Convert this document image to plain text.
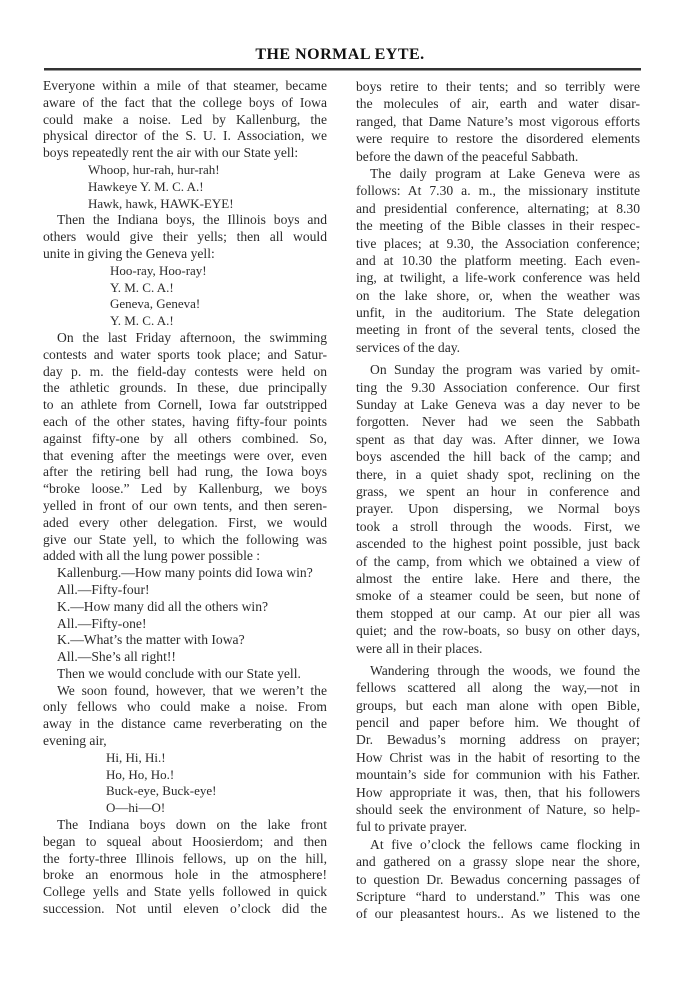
THE NORMAL EYTE.
Everyone within a mile of that steamer, became
aware of the fact that the college boys of Iowa
could make a noise. Led by Kallenburg, the
physical director of the S. U. I. Association, we
boys repeatedly rent the air with our State yell:
Whoop, hur-rah, hur-rah!
Hawkeye Y. M. C. A.!
Hawk, hawk, HAWK-EYE!
Then the Indiana boys, the Illinois boys and
others would give their yells; then all would
unite in giving the Geneva yell:
Hoo-ray, Hoo-ray!
Y. M. C. A.!
Geneva, Geneva!
Y. M. C. A.!
On the last Friday afternoon, the swimming
contests and water sports took place; and Satur-
day p. m. the field-day contests were held on
the athletic grounds. In these, due principally
to an athlete from Cornell, Iowa far outstripped
each of the other states, having fifty-four points
against fifty-one by all others combined. So,
that evening after the meetings were over, even
after the retiring bell had rung, the Iowa boys
“broke loose.” Led by Kallenburg, we boys
yelled in front of our own tents, and then seren-
aded every other delegation. First, we would
give our State yell, to which the following was
added with all the lung power possible :
Kallenburg.—How many points did Iowa win?
All.—Fifty-four!
K.—How many did all the others win?
All.—Fifty-one!
K.—What’s the matter with Iowa?
All.—She’s all right!!
Then we would conclude with our State yell.
We soon found, however, that we weren’t the
only fellows who could make a noise. From
away in the distance came reverberating on the
evening air,
Hi, Hi, Hi.!
Ho, Ho, Ho.!
Buck-eye, Buck-eye!
O—hi—O!
The Indiana boys down on the lake front
began to squeal about Hoosierdom; and then
the forty-three Illinois fellows, up on the hill,
broke an enormous hole in the atmosphere!
College yells and State yells followed in quick
succession. Not until eleven o’clock did the
boys retire to their tents; and so terribly were
the molecules of air, earth and water disar-
ranged, that Dame Nature’s most vigorous efforts
were require to restore the disordered elements
before the dawn of the peaceful Sabbath.
The daily program at Lake Geneva were as
follows: At 7.30 a. m., the missionary institute
and presidential conference, alternating; at 8.30
the meeting of the Bible classes in their respec-
tive places; at 9.30, the Association conference;
and at 10.30 the platform meeting. Each even-
ing, at twilight, a life-work conference was held
on the lake shore, or, when the weather was
unfit, in the auditorium. The State delegation
meeting in front of the several tents, closed the
services of the day.
On Sunday the program was varied by omit-
ting the 9.30 Association conference. Our first
Sunday at Lake Geneva was a day never to be
forgotten. Never had we seen the Sabbath
spent as that day was. After dinner, we Iowa
boys ascended the hill back of the camp; and
there, in a quiet shady spot, reclining on the
grass, we spent an hour in conference and
prayer. Upon dispersing, we Normal boys
took a stroll through the woods. First, we
ascended to the highest point possible, just back
of the camp, from which we obtained a view of
almost the entire lake. Here and there, the
smoke of a steamer could be seen, but none of
them stopped at our camp. At our pier all was
quiet; and the row-boats, so busy on other days,
were all in their places.
Wandering through the woods, we found the
fellows scattered all along the way,—not in
groups, but each man alone with open Bible,
pencil and paper before him. We thought of
Dr. Bewadus’s morning address on prayer;
How Christ was in the habit of resorting to the
mountain’s side for communion with his Father.
How appropriate it was, then, that his followers
should seek the environment of Nature, so help-
ful to private prayer.
At five o’clock the fellows came flocking in
and gathered on a grassy slope near the shore,
to question Dr. Bewadus concerning passages of
Scripture “hard to understand.” This was one
of our pleasantest hours.. As we listened to the
